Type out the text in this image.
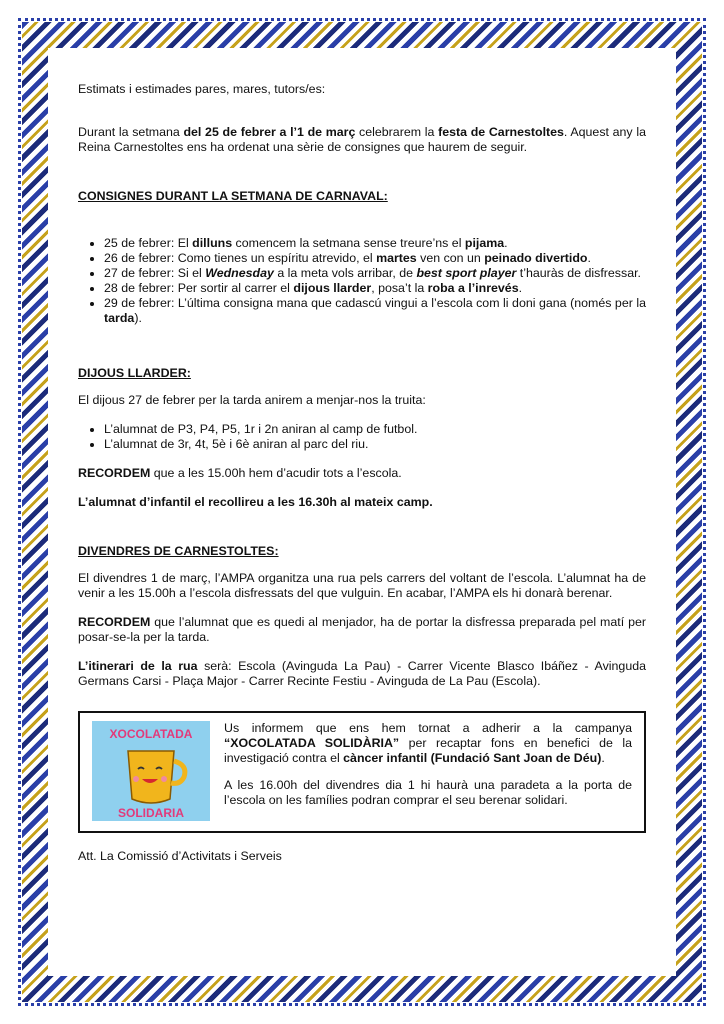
Estimats i estimades pares, mares, tutors/es:

Durant la setmana del 25 de febrer a l’1 de març celebrarem la festa de Carnestoltes. Aquest any la Reina Carnestoltes ens ha ordenat una sèrie de consignes que haurem de seguir.

CONSIGNES DURANT LA SETMANA DE CARNAVAL:

• 25 de febrer: El dilluns comencem la setmana sense treure’ns el pijama.
• 26 de febrer: Como tienes un espíritu atrevido, el martes ven con un peinado divertido.
• 27 de febrer: Si el Wednesday a la meta vols arribar, de best sport player t’hauràs de disfressar.
• 28 de febrer: Per sortir al carrer el dijous llarder, posa’t la roba a l’inrevés.
• 29 de febrer: L’última consigna mana que cadascú vingui a l’escola com li doni gana (només per la tarda).

DIJOUS LLARDER:

El dijous 27 de febrer per la tarda anirem a menjar-nos la truita:

• L’alumnat de P3, P4, P5, 1r i 2n aniran al camp de futbol.
• L’alumnat de 3r, 4t, 5è i 6è aniran al parc del riu.

RECORDEM que a les 15.00h hem d’acudir tots a l’escola.

L’alumnat d’infantil el recollireu a les 16.30h al mateix camp.

DIVENDRES DE CARNESTOLTES:

El divendres 1 de març, l’AMPA organitza una rua pels carrers del voltant de l’escola. L’alumnat ha de venir a les 15.00h a l’escola disfressats del que vulguin. En acabar, l’AMPA els hi donarà berenar.

RECORDEM que l’alumnat que es quedi al menjador, ha de portar la disfressa preparada pel matí per posar-se-la per la tarda.

L’itinerari de la rua serà: Escola (Avinguda La Pau) - Carrer Vicente Blasco Ibáñez - Avinguda Germans Carsi - Plaça Major - Carrer Recinte Festiu - Avinguda de La Pau (Escola).

XOCOLATADA
SOLIDARIA

Us informem que ens hem tornat a adherir a la campanya “XOCOLATADA SOLIDÀRIA” per recaptar fons en benefici de la investigació contra el càncer infantil (Fundació Sant Joan de Déu).

A les 16.00h del divendres dia 1 hi haurà una paradeta a la porta de l’escola on les famílies podran comprar el seu berenar solidari.

Att. La Comissió d’Activitats i Serveis
